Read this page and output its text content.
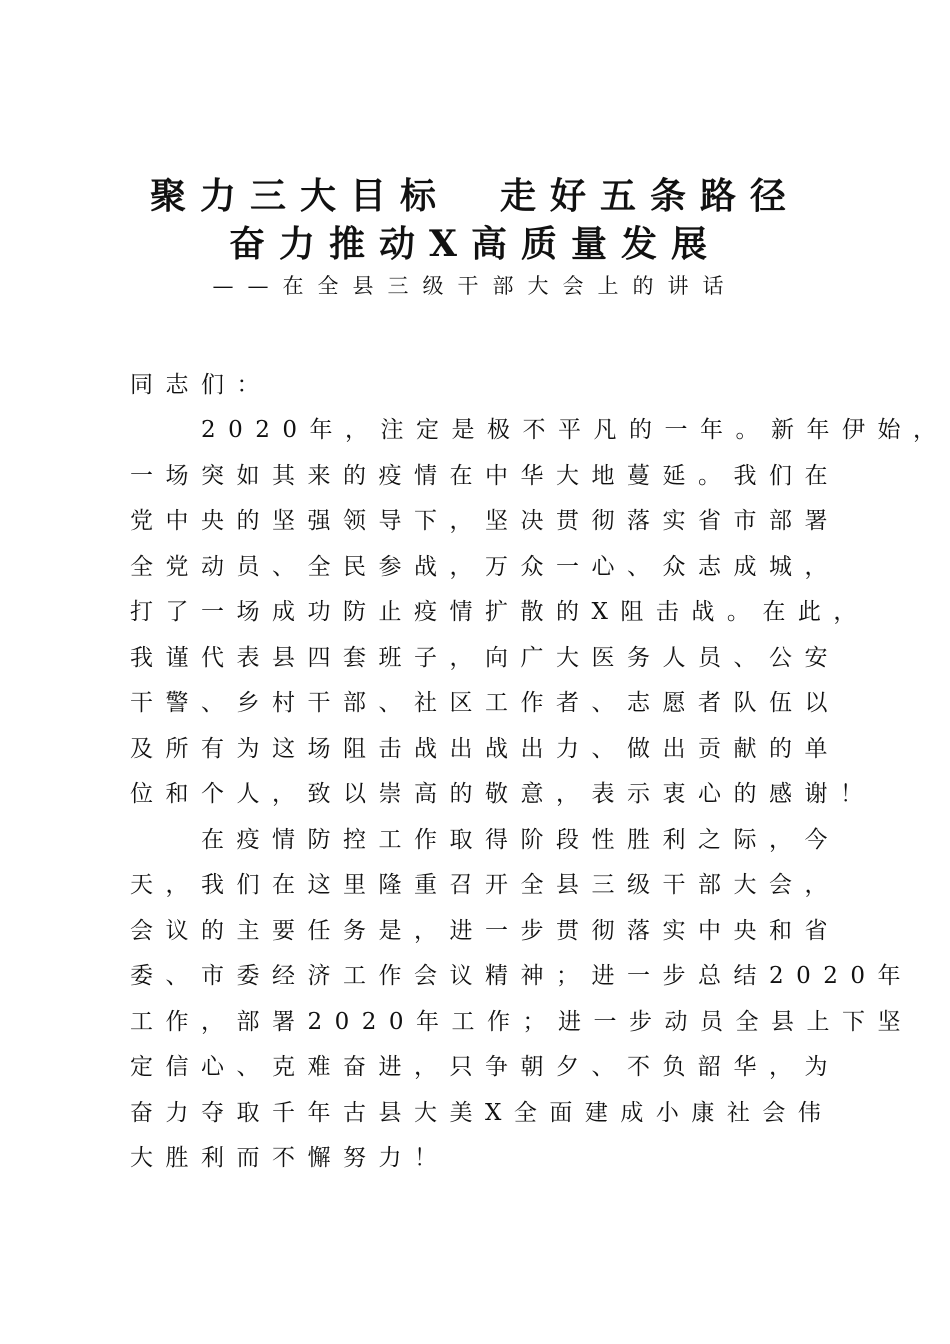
聚力三大目标　走好五条路径
奋力推动X高质量发展
——在全县三级干部大会上的讲话
同志们：
　　2020年，注定是极不平凡的一年。新年伊始，
一场突如其来的疫情在中华大地蔓延。我们在
党中央的坚强领导下，坚决贯彻落实省市部署
全党动员、全民参战，万众一心、众志成城，
打了一场成功防止疫情扩散的X阻击战。在此，
我谨代表县四套班子，向广大医务人员、公安
干警、乡村干部、社区工作者、志愿者队伍以
及所有为这场阻击战出战出力、做出贡献的单
位和个人，致以崇高的敬意，表示衷心的感谢！
　　在疫情防控工作取得阶段性胜利之际，今
天，我们在这里隆重召开全县三级干部大会，
会议的主要任务是，进一步贯彻落实中央和省
委、市委经济工作会议精神；进一步总结2020年
工作，部署2020年工作；进一步动员全县上下坚
定信心、克难奋进，只争朝夕、不负韶华，为
奋力夺取千年古县大美X全面建成小康社会伟
大胜利而不懈努力！
